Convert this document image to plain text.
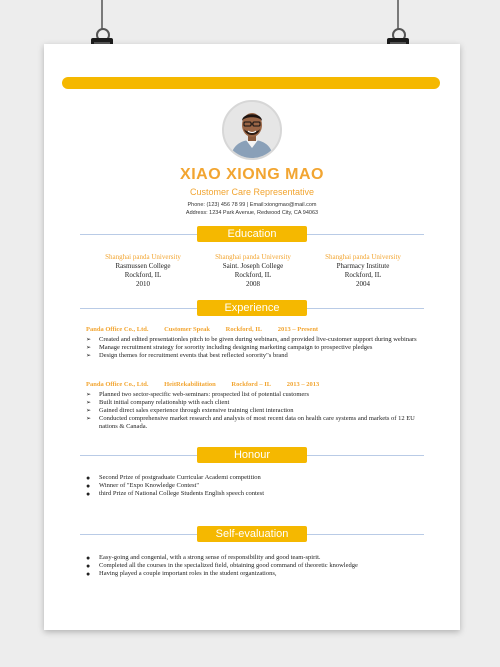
XIAO XIONG MAO
Customer Care Representative
Phone: (123) 456 78 99 | Email:xiongmao@mail.com
Address: 1234 Park Avenue, Redwood City, CA 94063
Education
Shanghai panda University
Rasmussen College
Rockford, IL
2010
Shanghai panda University
Saint. Joseph College
Rockford, IL
2008
Shanghai panda University
Pharmacy Institute
Rockford, IL
2004
Experience
Panda Office Co., Ltd. Customer Speak Rockford, IL 2013 – Present
➢ Created and edited presentationles pitch to be given during webinars, and provided live-customer support during webinars
➢ Manage recruitment strategy for sorority including designing marketing campaign to prospective pledges
➢ Design themes for recruitment events that best reflected sorority"s brand
Panda Office Co., Ltd. HeitRekabilitation Rockford – IL 2013 – 2013
➢ Planned two sector-specific web-seminars: prospected list of potential customers
➢ Built initial company relationship with each client
➢ Gained direct sales experience through extensive training client interaction
➢ Conducted comprehensive market research and analysis of most recent data on health care systems and markets of 12 EU nations & Canada.
Honour
● Second Prize of postgraduate Curricular Academi competition
● Winner of "Expo Knowledge Contest"
● third Prize of National College Students English speech contest
Self-evaluation
● Easy-going and congenial, with a strong sense of responsibility and good team-spirit.
● Completed all the courses in the specialized field, obtaining good command of theoretic knowledge
● Having played a couple important roles in the student organizations,
